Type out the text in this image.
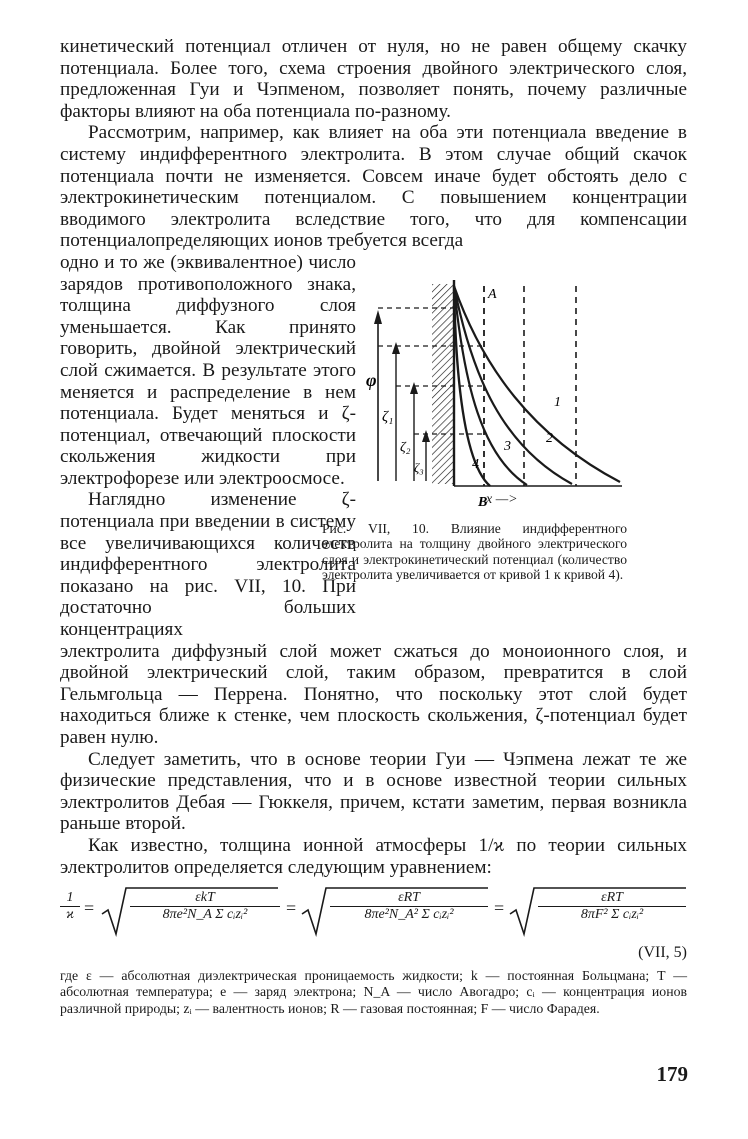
кинетический потенциал отличен от нуля, но не равен общему скачку потенциала. Более того, схема строения двойного электрического слоя, предложенная Гуи и Чэпменом, позволяет понять, почему различные факторы влияют на оба потенциала по-разному.

Рассмотрим, например, как влияет на оба эти потенциала введение в систему индифферентного электролита. В этом случае общий скачок потенциала почти не изменяется. Совсем иначе будет обстоять дело с электрокинетическим потенциалом. С повышением концентрации вводимого электролита вследствие того, что для компенсации потенциалопределяющих ионов требуется всегда

одно и то же (эквивалентное) число зарядов противоположного знака, толщина диффузного слоя уменьшается. Как принято говорить, двойной электрический слой сжимается. В результате этого меняется и распределение в нем потенциала. Будет меняться и ζ-потенциал, отвечающий плоскости скольжения жидкости при электрофорезе или электроосмосе.

Наглядно изменение ζ-потенциала при введении в систему все увеличивающихся количеств индифферентного электролита показано на рис. VII, 10. При достаточно больших концентрациях

электролита диффузный слой может сжаться до моноионного слоя, и двойной электрический слой, таким образом, превратится в слой Гельмгольца — Перрена. Понятно, что поскольку этот слой будет находиться ближе к стенке, чем плоскость скольжения, ζ-потенциал будет равен нулю.

Следует заметить, что в основе теории Гуи — Чэпмена лежат те же физические представления, что и в основе известной теории сильных электролитов Дебая — Гюккеля, причем, кстати заметим, первая возникла раньше второй.

Как известно, толщина ионной атмосферы 1/ϰ по теории сильных электролитов определяется следующим уравнением:

$\frac{1}{ϰ}$ =
εkT
8πe²N_A Σ cᵢzᵢ²	=
εRT
8πe²N_A² Σ cᵢzᵢ²	=
εRT
8πF² Σ cᵢzᵢ²
(VII, 5)

где ε — абсолютная диэлектрическая проницаемость жидкости; k — постоянная Больцмана; T — абсолютная температура; e — заряд электрона; N_A — число Авогадро; cᵢ — концентрация ионов различной природы; zᵢ — валентность ионов; R — газовая постоянная; F — число Фарадея.

A
B
φ
ζ₁
ζ₂
ζ₃
1
2
3
4
x —>
Рис. VII, 10. Влияние индифферентного электролита на толщину двойного электрического слоя и электрокинетический потенциал (количество электролита увеличивается от кривой 1 к кривой 4).
179
